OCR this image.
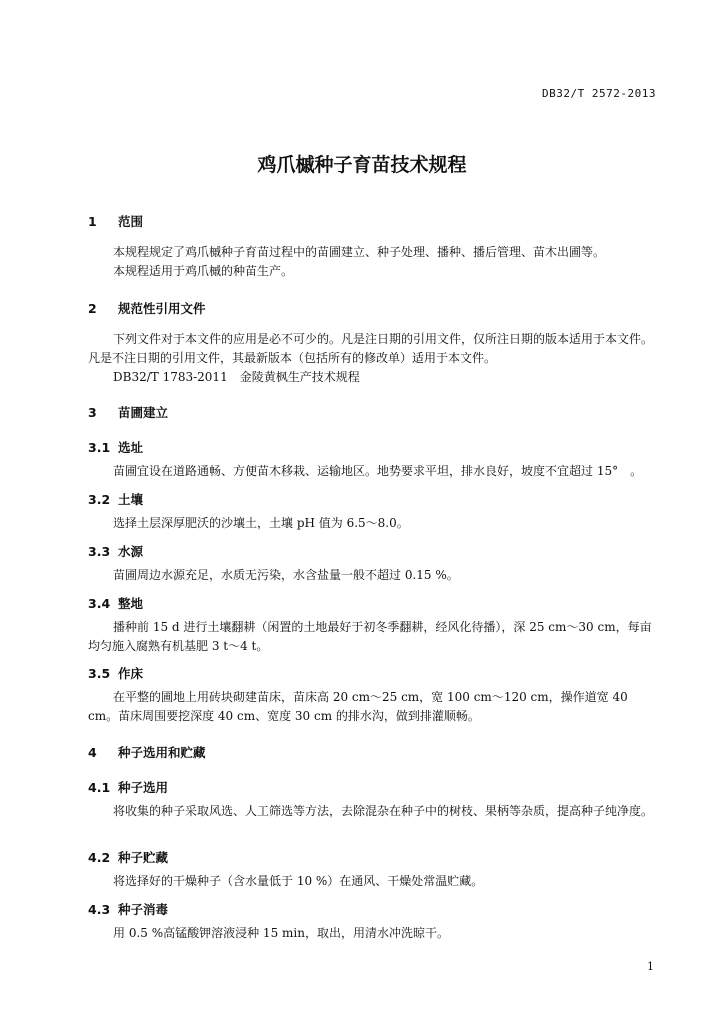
DB32/T 2572-2013
鸡爪槭种子育苗技术规程
1 范围
本规程规定了鸡爪槭种子育苗过程中的苗圃建立、种子处理、播种、播后管理、苗木出圃等。
本规程适用于鸡爪槭的种苗生产。
2 规范性引用文件
下列文件对于本文件的应用是必不可少的。凡是注日期的引用文件，仅所注日期的版本适用于本文件。凡是不注日期的引用文件，其最新版本（包括所有的修改单）适用于本文件。
DB32/T 1783-2011　金陵黄枫生产技术规程
3 苗圃建立
3.1 选址
苗圃宜设在道路通畅、方便苗木移栽、运输地区。地势要求平坦，排水良好，坡度不宜超过 15°　。
3.2 土壤
选择土层深厚肥沃的沙壤土，土壤 pH 值为 6.5～8.0。
3.3 水源
苗圃周边水源充足，水质无污染，水含盐量一般不超过 0.15 %。
3.4 整地
播种前 15 d 进行土壤翻耕（闲置的土地最好于初冬季翻耕，经风化待播），深 25 cm～30 cm，每亩均匀施入腐熟有机基肥 3 t～4 t。
3.5 作床
在平整的圃地上用砖块砌建苗床，苗床高 20 cm～25 cm，宽 100 cm～120 cm，操作道宽 40 cm。苗床周围要挖深度 40 cm、宽度 30 cm 的排水沟，做到排灌顺畅。
4 种子选用和贮藏
4.1 种子选用
将收集的种子采取风选、人工筛选等方法，去除混杂在种子中的树枝、果柄等杂质，提高种子纯净度。
4.2 种子贮藏
将选择好的干燥种子（含水量低于 10 %）在通风、干燥处常温贮藏。
4.3 种子消毒
用 0.5 %高锰酸钾溶液浸种 15 min，取出，用清水冲洗晾干。
1
